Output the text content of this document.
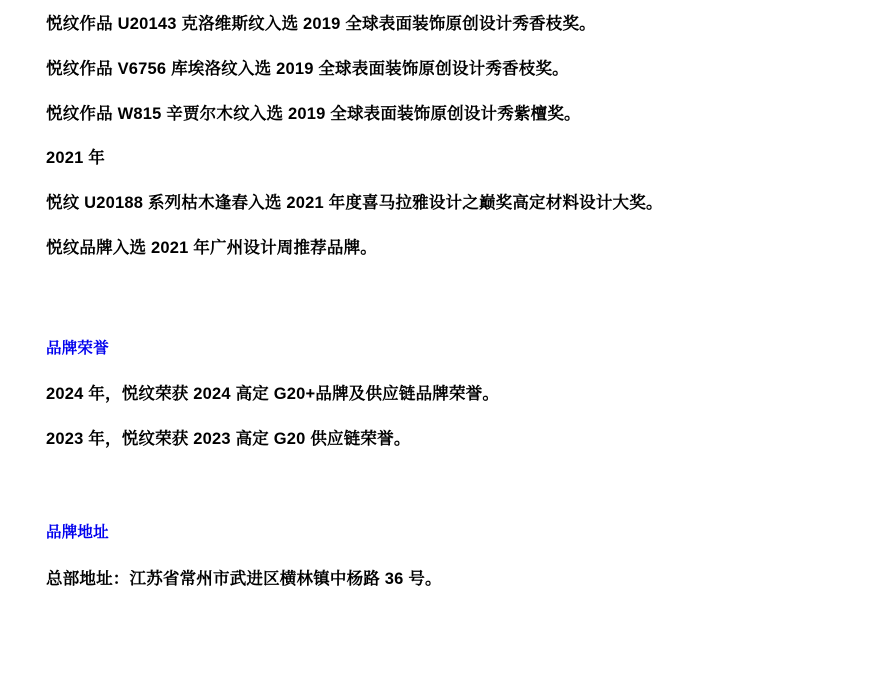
悦纹作品 U20143 克洛维斯纹入选 2019 全球表面装饰原创设计秀香枝奖。

悦纹作品 V6756 库埃洛纹入选 2019 全球表面装饰原创设计秀香枝奖。

悦纹作品 W815 辛贾尔木纹入选 2019 全球表面装饰原创设计秀紫檀奖。

2021 年

悦纹 U20188 系列枯木逢春入选 2021 年度喜马拉雅设计之巅奖高定材料设计大奖。

悦纹品牌入选 2021 年广州设计周推荐品牌。

品牌荣誉

2024 年，悦纹荣获 2024 高定 G20+品牌及供应链品牌荣誉。

2023 年，悦纹荣获 2023 高定 G20 供应链荣誉。

品牌地址

总部地址：江苏省常州市武进区横林镇中杨路 36 号。
